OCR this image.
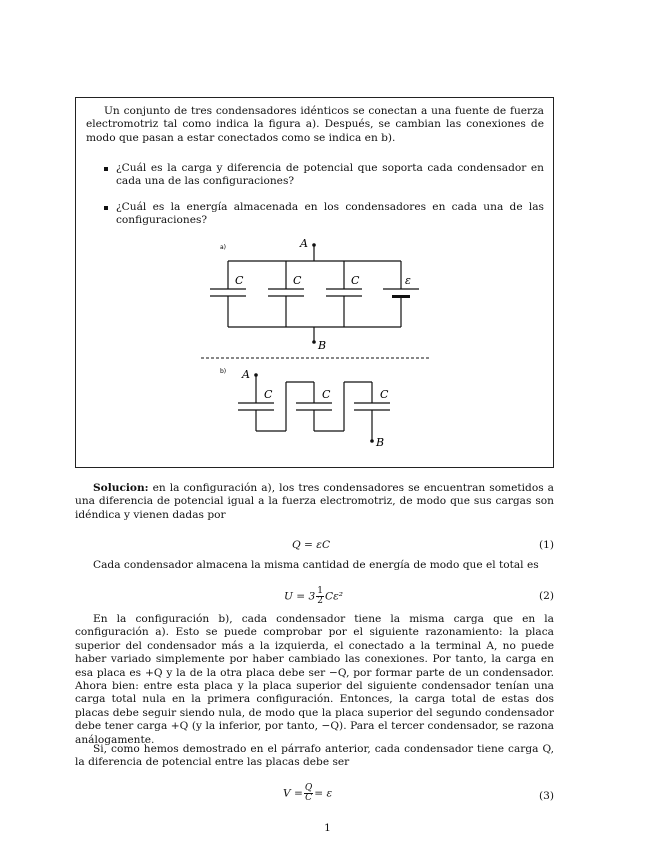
Un conjunto de tres condensadores idénticos se conectan a una fuente de fuerza electromotriz tal como indica la figura a). Después, se cambian las conexiones de modo que pasan a estar conectados como se indica en b).

¿Cuál es la carga y diferencia de potencial que soporta cada condensador en cada una de las configuraciones?
¿Cuál es la energía almacenada en los condensadores en cada una de las configuraciones?
a)	A
C	C	C	ε
B
b) A
C	C	C
B

Solucion: en la configuración a), los tres condensadores se encuentran sometidos a una diferencia de potencial igual a la fuerza electromotriz, de modo que sus cargas son idéndica y vienen dadas por

Q = εC	(1)

Cada condensador almacena la misma cantidad de energía de modo que el total es

$U = 3 \frac{1}{2} C\varepsilon^2$	(2)

En la configuración b), cada condensador tiene la misma carga que en la configuración a). Esto se puede comprobar por el siguiente razonamiento: la placa superior del condensador más a la izquierda, el conectado a la terminal A, no puede haber variado simplemente por haber cambiado las conexiones. Por tanto, la carga en esa placa es +Q y la de la otra placa debe ser −Q, por formar parte de un condensador. Ahora bien: entre esta placa y la placa superior del siguiente condensador tenían una carga total nula en la primera configuración. Entonces, la carga total de estas dos placas debe seguir siendo nula, de modo que la placa superior del segundo condensador debe tener carga +Q (y la inferior, por tanto, −Q). Para el tercer condensador, se razona análogamente.

Si, como hemos demostrado en el párrafo anterior, cada condensador tiene carga Q, la diferencia de potencial entre las placas debe ser

$V = \frac{Q}{C} = \varepsilon$	(3)
1
